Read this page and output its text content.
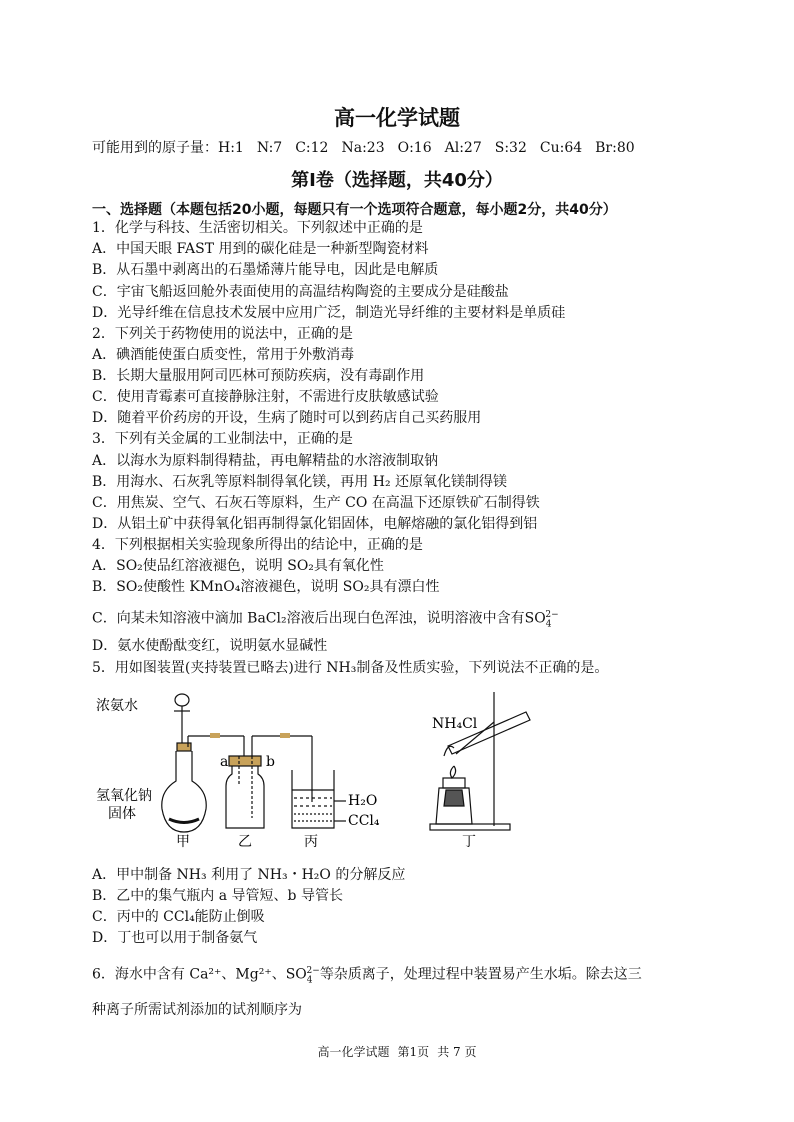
高一化学试题
可能用到的原子量：H:1 N:7 C:12 Na:23 O:16 Al:27 S:32 Cu:64 Br:80
第Ⅰ卷（选择题，共40分）
一、选择题（本题包括20小题，每题只有一个选项符合题意，每小题2分，共40分）
1．化学与科技、生活密切相关。下列叙述中正确的是
A．中国天眼 FAST 用到的碳化硅是一种新型陶瓷材料
B．从石墨中剥离出的石墨烯薄片能导电，因此是电解质
C．宇宙飞船返回舱外表面使用的高温结构陶瓷的主要成分是硅酸盐
D．光导纤维在信息技术发展中应用广泛，制造光导纤维的主要材料是单质硅
2．下列关于药物使用的说法中，正确的是
A．碘酒能使蛋白质变性，常用于外敷消毒
B．长期大量服用阿司匹林可预防疾病，没有毒副作用
C．使用青霉素可直接静脉注射，不需进行皮肤敏感试验
D．随着平价药房的开设，生病了随时可以到药店自己买药服用
3．下列有关金属的工业制法中，正确的是
A．以海水为原料制得精盐，再电解精盐的水溶液制取钠
B．用海水、石灰乳等原料制得氧化镁，再用 H₂ 还原氧化镁制得镁
C．用焦炭、空气、石灰石等原料，生产 CO 在高温下还原铁矿石制得铁
D．从铝土矿中获得氧化铝再制得氯化铝固体，电解熔融的氯化铝得到铝
4．下列根据相关实验现象所得出的结论中，正确的是
A．SO₂使品红溶液褪色，说明 SO₂具有氧化性
B．SO₂使酸性 KMnO₄溶液褪色，说明 SO₂具有漂白性
C．向某未知溶液中滴加 BaCl₂溶液后出现白色浑浊，说明溶液中含有$SO_4^{2-}$
D．氨水使酚酞变红，说明氨水显碱性
5．用如图装置(夹持装置已略去)进行 NH₃制备及性质实验，下列说法不正确的是。
浓氨水
氢氧化钠
固体
a	b
H₂O
CCl₄
NH₄Cl
甲	乙	丙	丁
A．甲中制备 NH₃ 利用了 NH₃・H₂O 的分解反应
B．乙中的集气瓶内 a 导管短、b 导管长
C．丙中的 CCl₄能防止倒吸
D．丁也可以用于制备氨气
6．海水中含有 Ca²⁺、Mg²⁺、$SO_4^{2-}$等杂质离子，处理过程中装置易产生水垢。除去这三
种离子所需试剂添加的试剂顺序为
高一化学试题 第1页 共 7 页
